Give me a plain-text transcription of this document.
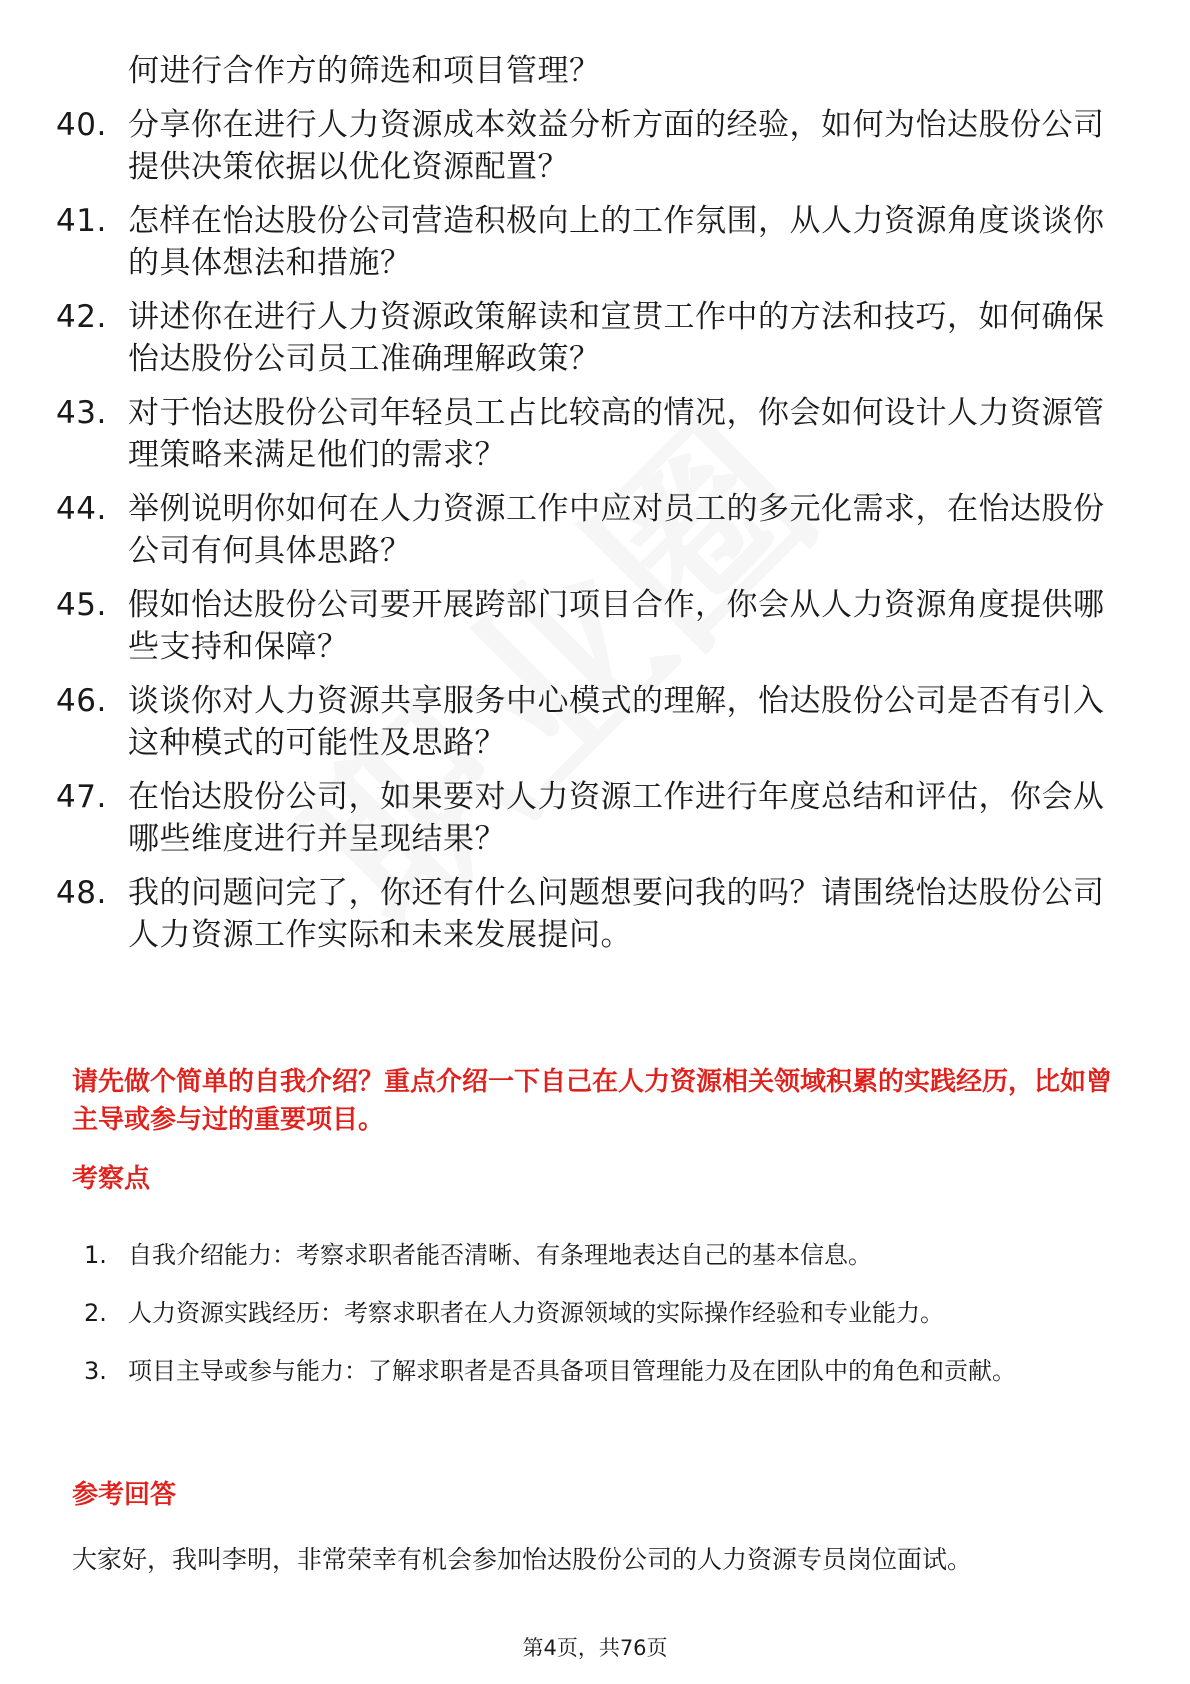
何进行合作方的筛选和项目管理？
40. 分享你在进行人力资源成本效益分析方面的经验，如何为怡达股份公司提供决策依据以优化资源配置？
41. 怎样在怡达股份公司营造积极向上的工作氛围，从人力资源角度谈谈你的具体想法和措施？
42. 讲述你在进行人力资源政策解读和宣贯工作中的方法和技巧，如何确保怡达股份公司员工准确理解政策？
43. 对于怡达股份公司年轻员工占比较高的情况，你会如何设计人力资源管理策略来满足他们的需求？
44. 举例说明你如何在人力资源工作中应对员工的多元化需求，在怡达股份公司有何具体思路？
45. 假如怡达股份公司要开展跨部门项目合作，你会从人力资源角度提供哪些支持和保障？
46. 谈谈你对人力资源共享服务中心模式的理解，怡达股份公司是否有引入这种模式的可能性及思路？
47. 在怡达股份公司，如果要对人力资源工作进行年度总结和评估，你会从哪些维度进行并呈现结果？
48. 我的问题问完了，你还有什么问题想要问我的吗？请围绕怡达股份公司人力资源工作实际和未来发展提问。
请先做个简单的自我介绍？重点介绍一下自己在人力资源相关领域积累的实践经历，比如曾主导或参与过的重要项目。
考察点
1. 自我介绍能力：考察求职者能否清晰、有条理地表达自己的基本信息。
2. 人力资源实践经历：考察求职者在人力资源领域的实际操作经验和专业能力。
3. 项目主导或参与能力：了解求职者是否具备项目管理能力及在团队中的角色和贡献。
参考回答
大家好，我叫李明，非常荣幸有机会参加怡达股份公司的人力资源专员岗位面试。
第4页，共76页
